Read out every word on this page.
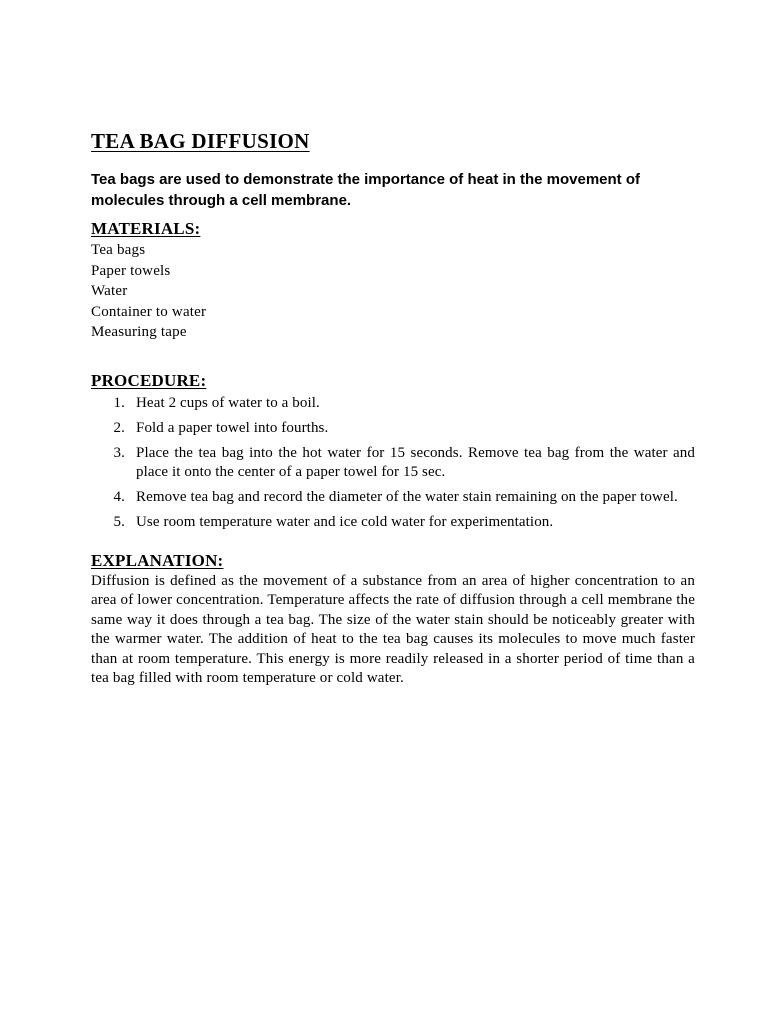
TEA BAG DIFFUSION

Tea bags are used to demonstrate the importance of heat in the movement of molecules through a cell membrane.

MATERIALS:
Tea bags
Paper towels
Water
Container to water
Measuring tape
PROCEDURE:
1. Heat 2 cups of water to a boil.
2. Fold a paper towel into fourths.
3. Place the tea bag into the hot water for 15 seconds. Remove tea bag from the water and place it onto the center of a paper towel for 15 sec.
4. Remove tea bag and record the diameter of the water stain remaining on the paper towel.
5. Use room temperature water and ice cold water for experimentation.
EXPLANATION:

Diffusion is defined as the movement of a substance from an area of higher concentration to an area of lower concentration. Temperature affects the rate of diffusion through a cell membrane the same way it does through a tea bag. The size of the water stain should be noticeably greater with the warmer water. The addition of heat to the tea bag causes its molecules to move much faster than at room temperature. This energy is more readily released in a shorter period of time than a tea bag filled with room temperature or cold water.
